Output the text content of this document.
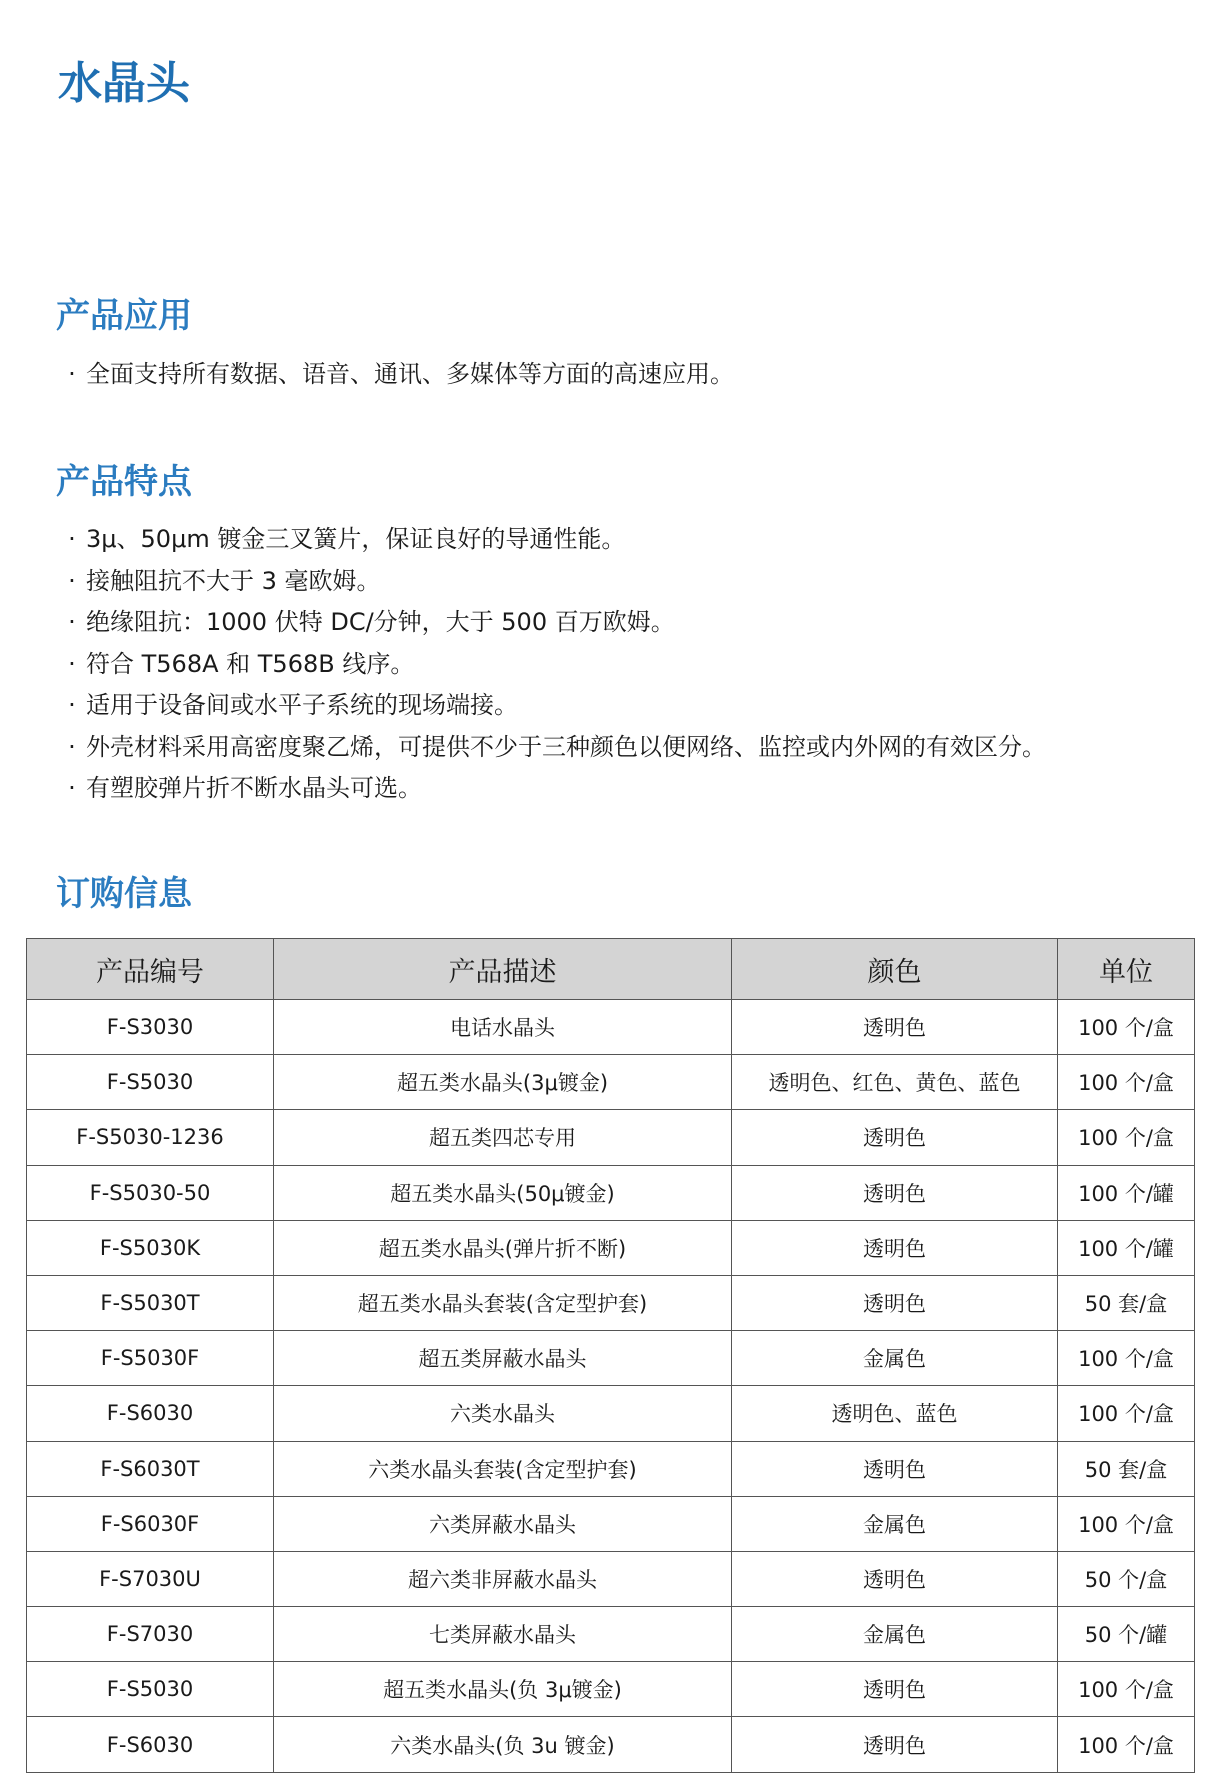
水晶头
产品应用
· 全面支持所有数据、语音、通讯、多媒体等方面的高速应用。
产品特点
· 3μ、50μm 镀金三叉簧片，保证良好的导通性能。
· 接触阻抗不大于 3 毫欧姆。
· 绝缘阻抗：1000 伏特 DC/分钟，大于 500 百万欧姆。
· 符合 T568A 和 T568B 线序。
· 适用于设备间或水平子系统的现场端接。
· 外壳材料采用高密度聚乙烯，可提供不少于三种颜色以便网络、监控或内外网的有效区分。
· 有塑胶弹片折不断水晶头可选。
订购信息
产品编号	产品描述	颜色	单位
F-S3030	电话水晶头	透明色	100 个/盒
F-S5030	超五类水晶头(3μ镀金)	透明色、红色、黄色、蓝色	100 个/盒
F-S5030-1236	超五类四芯专用	透明色	100 个/盒
F-S5030-50	超五类水晶头(50μ镀金)	透明色	100 个/罐
F-S5030K	超五类水晶头(弹片折不断)	透明色	100 个/罐
F-S5030T	超五类水晶头套装(含定型护套)	透明色	50 套/盒
F-S5030F	超五类屏蔽水晶头	金属色	100 个/盒
F-S6030	六类水晶头	透明色、蓝色	100 个/盒
F-S6030T	六类水晶头套装(含定型护套)	透明色	50 套/盒
F-S6030F	六类屏蔽水晶头	金属色	100 个/盒
F-S7030U	超六类非屏蔽水晶头	透明色	50 个/盒
F-S7030	七类屏蔽水晶头	金属色	50 个/罐
F-S5030	超五类水晶头(负 3μ镀金)	透明色	100 个/盒
F-S6030	六类水晶头(负 3u 镀金)	透明色	100 个/盒
